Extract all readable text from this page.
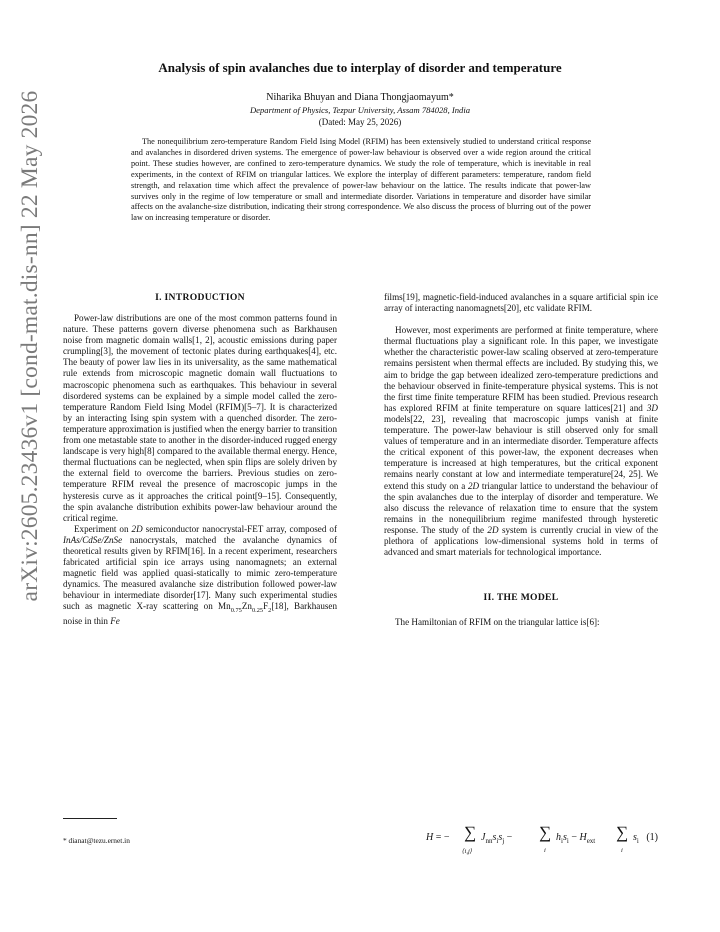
arXiv:2605.23436v1 [cond-mat.dis-nn] 22 May 2026
Analysis of spin avalanches due to interplay of disorder and temperature
Niharika Bhuyan and Diana Thongjaomayum*
Department of Physics, Tezpur University, Assam 784028, India
(Dated: May 25, 2026)

The nonequilibrium zero-temperature Random Field Ising Model (RFIM) has been extensively studied to understand critical response and avalanches in disordered driven systems. The emergence of power-law behaviour is observed over a wide region around the critical point. These studies however, are confined to zero-temperature dynamics. We study the role of temperature, which is inevitable in real experiments, in the context of RFIM on triangular lattices. We explore the interplay of different parameters: temperature, random field strength, and relaxation time which affect the prevalence of power-law behaviour on the lattice. The results indicate that power-law survives only in the regime of low temperature or small and intermediate disorder. Variations in temperature and disorder have similar affects on the avalanche-size distribution, indicating their strong correspondence. We also discuss the process of blurring out of the power law on increasing temperature or disorder.

I. INTRODUCTION

Power-law distributions are one of the most common patterns found in nature. These patterns govern diverse phenomena such as Barkhausen noise from magnetic domain walls[1, 2], acoustic emissions during paper crumpling[3], the movement of tectonic plates during earthquakes[4], etc. The beauty of power law lies in its universality, as the same mathematical rule extends from microscopic magnetic domain wall fluctuations to macroscopic phenomena such as earthquakes. This behaviour in several disordered systems can be explained by a simple model called the zero-temperature Random Field Ising Model (RFIM)[5–7]. It is characterized by an interacting Ising spin system with a quenched disorder. The zero-temperature approximation is justified when the energy barrier to transition from one metastable state to another in the disorder-induced rugged energy landscape is very high[8] compared to the available thermal energy. Hence, thermal fluctuations can be neglected, when spin flips are solely driven by the external field to overcome the barriers. Previous studies on zero-temperature RFIM reveal the presence of macroscopic jumps in the hysteresis curve as it approaches the critical point[9–15]. Consequently, the spin avalanche distribution exhibits power-law behaviour around the critical regime.

Experiment on 2D semiconductor nanocrystal-FET array, composed of InAs/CdSe/ZnSe nanocrystals, matched the avalanche dynamics of theoretical results given by RFIM[16]. In a recent experiment, researchers fabricated artificial spin ice arrays using nanomagnets; an external magnetic field was applied quasi-statically to mimic zero-temperature dynamics. The measured avalanche size distribution followed power-law behaviour in intermediate disorder[17]. Many such experimental studies such as magnetic X-ray scattering on $Mn_{0.75}Zn_{0.25}F_2[18]$, Barkhausen noise in thin Fe

* dianat@tezu.ernet.in

films[19], magnetic-field-induced avalanches in a square artificial spin ice array of interacting nanomagnets[20], etc validate RFIM.

However, most experiments are performed at finite temperature, where thermal fluctuations play a significant role. In this paper, we investigate whether the characteristic power-law scaling observed at zero-temperature remains persistent when thermal effects are included. By studying this, we aim to bridge the gap between idealized zero-temperature predictions and the behaviour observed in finite-temperature physical systems. This is not the first time finite temperature RFIM has been studied. Previous research has explored RFIM at finite temperature on square lattices[21] and 3D models[22, 23], revealing that macroscopic jumps vanish at finite temperature. The power-law behaviour is still observed only for small values of temperature and in an intermediate disorder. Temperature affects the critical exponent of this power-law, the exponent decreases when temperature is increased at high temperatures, but the critical exponent remains nearly constant at low and intermediate temperature[24, 25]. We extend this study on a 2D triangular lattice to understand the behaviour of the spin avalanches due to the interplay of disorder and temperature. We also discuss the relevance of relaxation time to ensure that the system remains in the nonequilibrium regime manifested through hysteretic response. The study of the 2D system is currently crucial in view of the plethora of applications low-dimensional systems hold in terms of advanced and smart materials for technological importance.

II. THE MODEL

The Hamiltonian of RFIM on the triangular lattice is[6]:

H = − ∑
⟨i,j⟩
$J_{nn}s_is_j$ − ∑
i
$h_is_i - H_{ext}$ ∑
i
$s_i$ (1)
